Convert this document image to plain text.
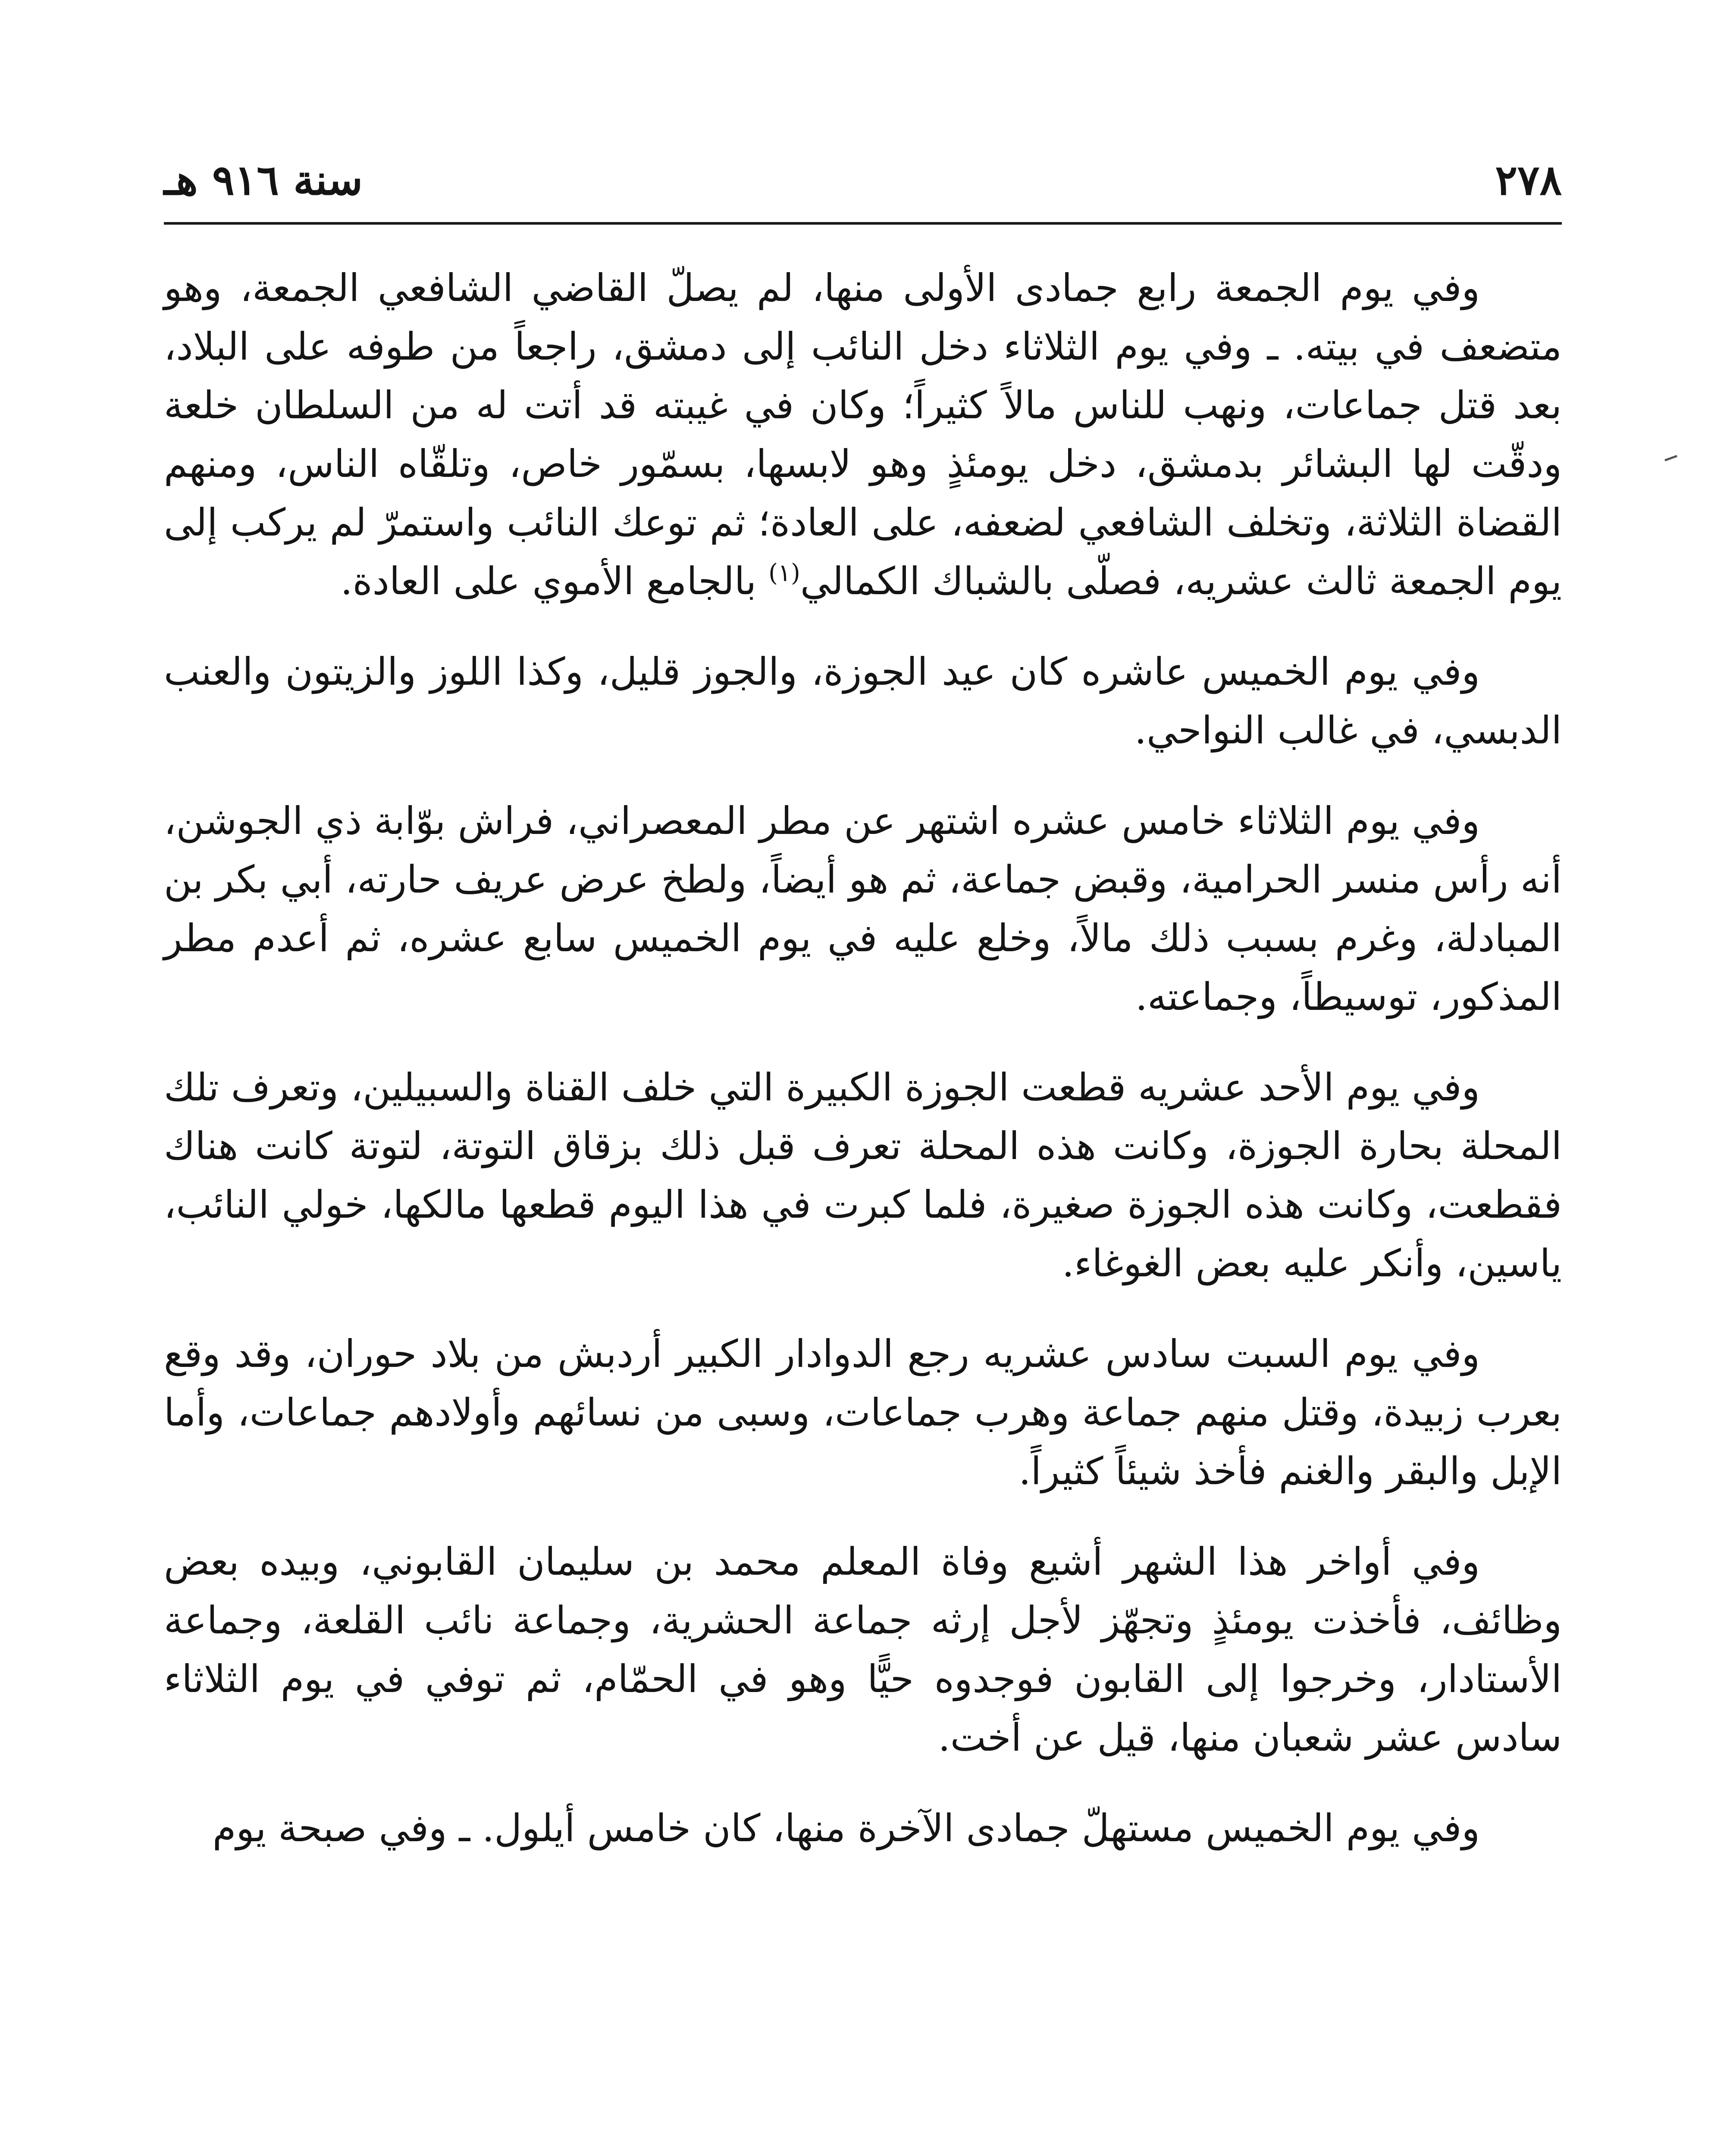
٢٧٨
سنة ٩١٦ هـ

وفي يوم الجمعة رابع جمادى الأولى منها، لم يصلّ القاضي الشافعي الجمعة، وهو متضعف في بيته. ـ وفي يوم الثلاثاء دخل النائب إلى دمشق، راجعاً من طوفه على البلاد، بعد قتل جماعات، ونهب للناس مالاً كثيراً؛ وكان في غيبته قد أتت له من السلطان خلعة ودقّت لها البشائر بدمشق، دخل يومئذٍ وهو لابسها، بسمّور خاص، وتلقّاه الناس، ومنهم القضاة الثلاثة، وتخلف الشافعي لضعفه، على العادة؛ ثم توعك النائب واستمرّ لم يركب إلى يوم الجمعة ثالث عشريه، فصلّى بالشباك الكمالي$^{(١)}$ بالجامع الأموي على العادة.

وفي يوم الخميس عاشره كان عيد الجوزة، والجوز قليل، وكذا اللوز والزيتون والعنب الدبسي، في غالب النواحي.

وفي يوم الثلاثاء خامس عشره اشتهر عن مطر المعصراني، فراش بوّابة ذي الجوشن، أنه رأس منسر الحرامية، وقبض جماعة، ثم هو أيضاً، ولطخ عرض عريف حارته، أبي بكر بن المبادلة، وغرم بسبب ذلك مالاً، وخلع عليه في يوم الخميس سابع عشره، ثم أعدم مطر المذكور، توسيطاً، وجماعته.

وفي يوم الأحد عشريه قطعت الجوزة الكبيرة التي خلف القناة والسبيلين، وتعرف تلك المحلة بحارة الجوزة، وكانت هذه المحلة تعرف قبل ذلك بزقاق التوتة، لتوتة كانت هناك فقطعت، وكانت هذه الجوزة صغيرة، فلما كبرت في هذا اليوم قطعها مالكها، خولي النائب، ياسين، وأنكر عليه بعض الغوغاء.

وفي يوم السبت سادس عشريه رجع الدوادار الكبير أردبش من بلاد حوران، وقد وقع بعرب زبيدة، وقتل منهم جماعة وهرب جماعات، وسبى من نسائهم وأولادهم جماعات، وأما الإبل والبقر والغنم فأخذ شيئاً كثيراً.

وفي أواخر هذا الشهر أشيع وفاة المعلم محمد بن سليمان القابوني، وبيده بعض وظائف، فأخذت يومئذٍ وتجهّز لأجل إرثه جماعة الحشرية، وجماعة نائب القلعة، وجماعة الأستادار، وخرجوا إلى القابون فوجدوه حيًّا وهو في الحمّام، ثم توفي في يوم الثلاثاء سادس عشر شعبان منها، قيل عن أخت.

وفي يوم الخميس مستهلّ جمادى الآخرة منها، كان خامس أيلول. ـ وفي صبحة يوم
